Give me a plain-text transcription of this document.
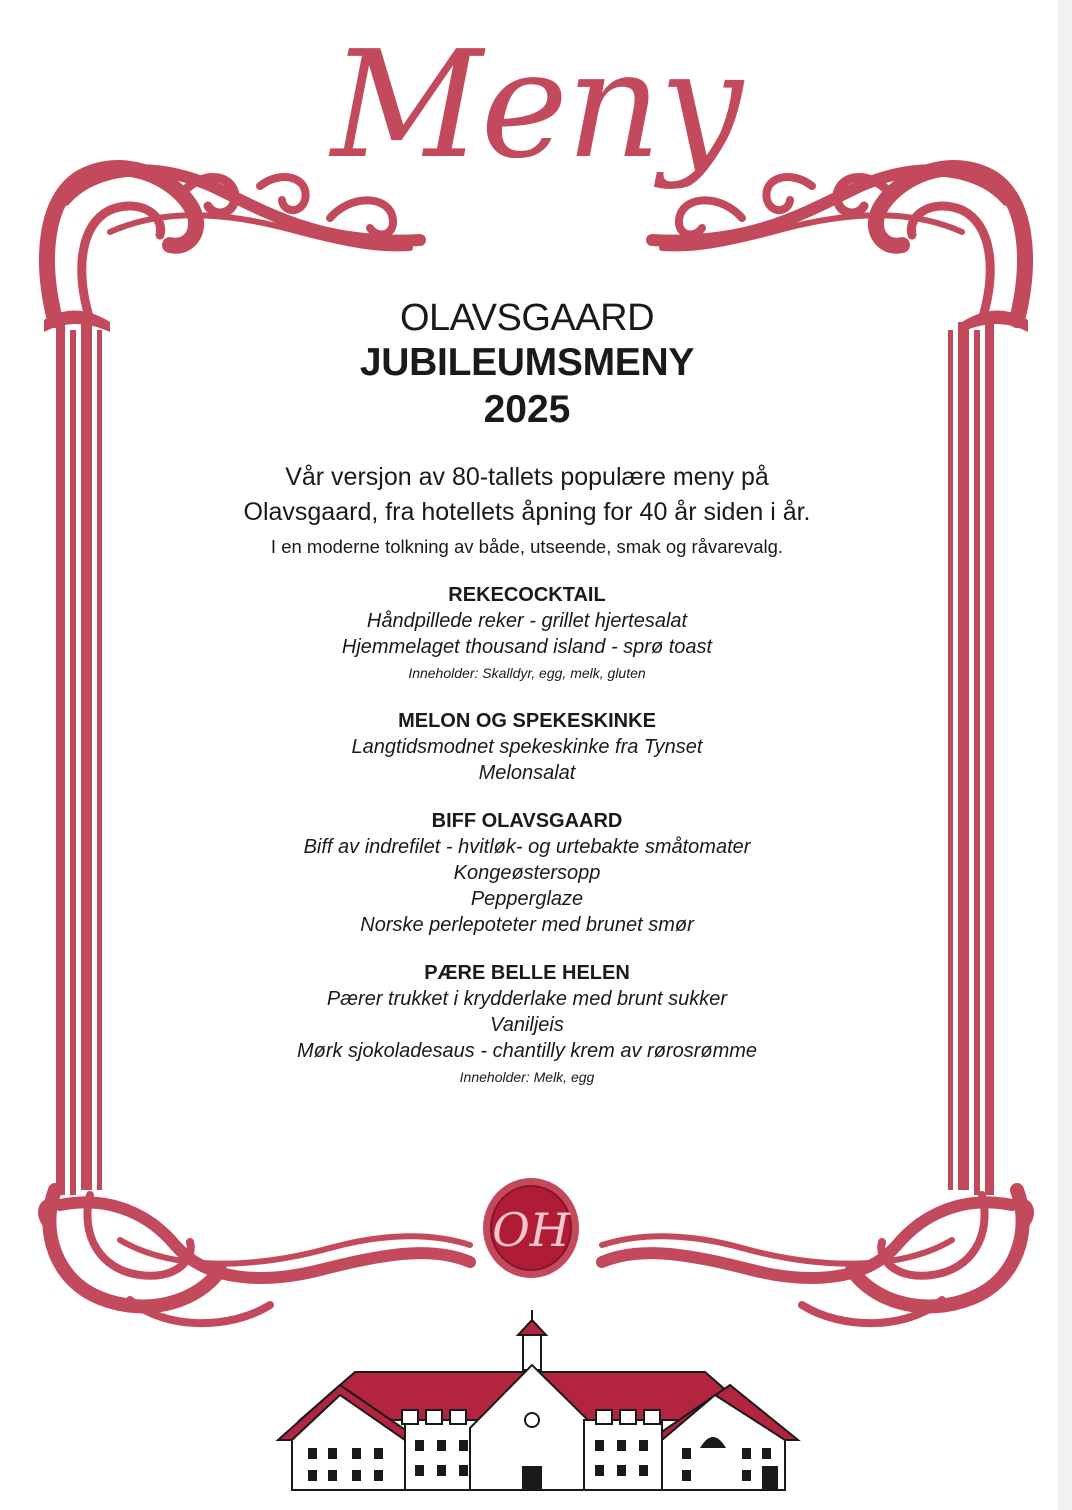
OH
Meny
OLAVSGAARD
JUBILEUMSMENY
2025
Vår versjon av 80-tallets populære meny på
Olavsgaard, fra hotellets åpning for 40 år siden i år.
I en moderne tolkning av både, utseende, smak og råvarevalg.
REKECOCKTAIL
Håndpillede reker - grillet hjertesalat
Hjemmelaget thousand island - sprø toast
Inneholder: Skalldyr, egg, melk, gluten
MELON OG SPEKESKINKE
Langtidsmodnet spekeskinke fra Tynset
Melonsalat
BIFF OLAVSGAARD
Biff av indrefilet - hvitløk- og urtebakte småtomater
Kongeøstersopp
Pepperglaze
Norske perlepoteter med brunet smør
PÆRE BELLE HELEN
Pærer trukket i krydderlake med brunt sukker
Vaniljeis
Mørk sjokoladesaus - chantilly krem av rørosrømme
Inneholder: Melk, egg
